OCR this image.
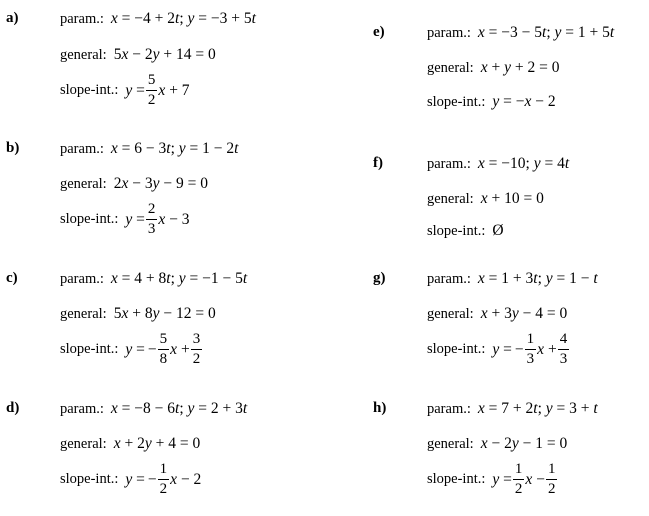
a)	param.: x = −4 + 2t; y = −3 + 5t
general: 5x − 2y + 14 = 0
slope-int.: $y = \frac{5}{2}$ x + 7
b)	param.: x = 6 − 3t; y = 1 − 2t
general: 2x − 3y − 9 = 0
slope-int.: $y = \frac{2}{3}$ x − 3
c)	param.: x = 4 + 8t; y = −1 − 5t
general: 5x + 8y − 12 = 0
slope-int.: y = − $\frac{5}{8}$ $x + \frac{3}{2}$
d)	param.: x = −8 − 6t; y = 2 + 3t
general: x + 2y + 4 = 0
slope-int.: y = − $\frac{1}{2}$ x − 2
e)	param.: x = −3 − 5t; y = 1 + 5t
general: x + y + 2 = 0
slope-int.: y = −x − 2
f)	param.: x = −10; y = 4t
general: x + 10 = 0
slope-int.: Ø
g)	param.: x = 1 + 3t; y = 1 − t
general: x + 3y − 4 = 0
slope-int.: y = − $\frac{1}{3}$ $x + \frac{4}{3}$
h)	param.: x = 7 + 2t; y = 3 + t
general: x − 2y − 1 = 0
slope-int.: $y = \frac{1}{2}$ $x - \frac{1}{2}$
